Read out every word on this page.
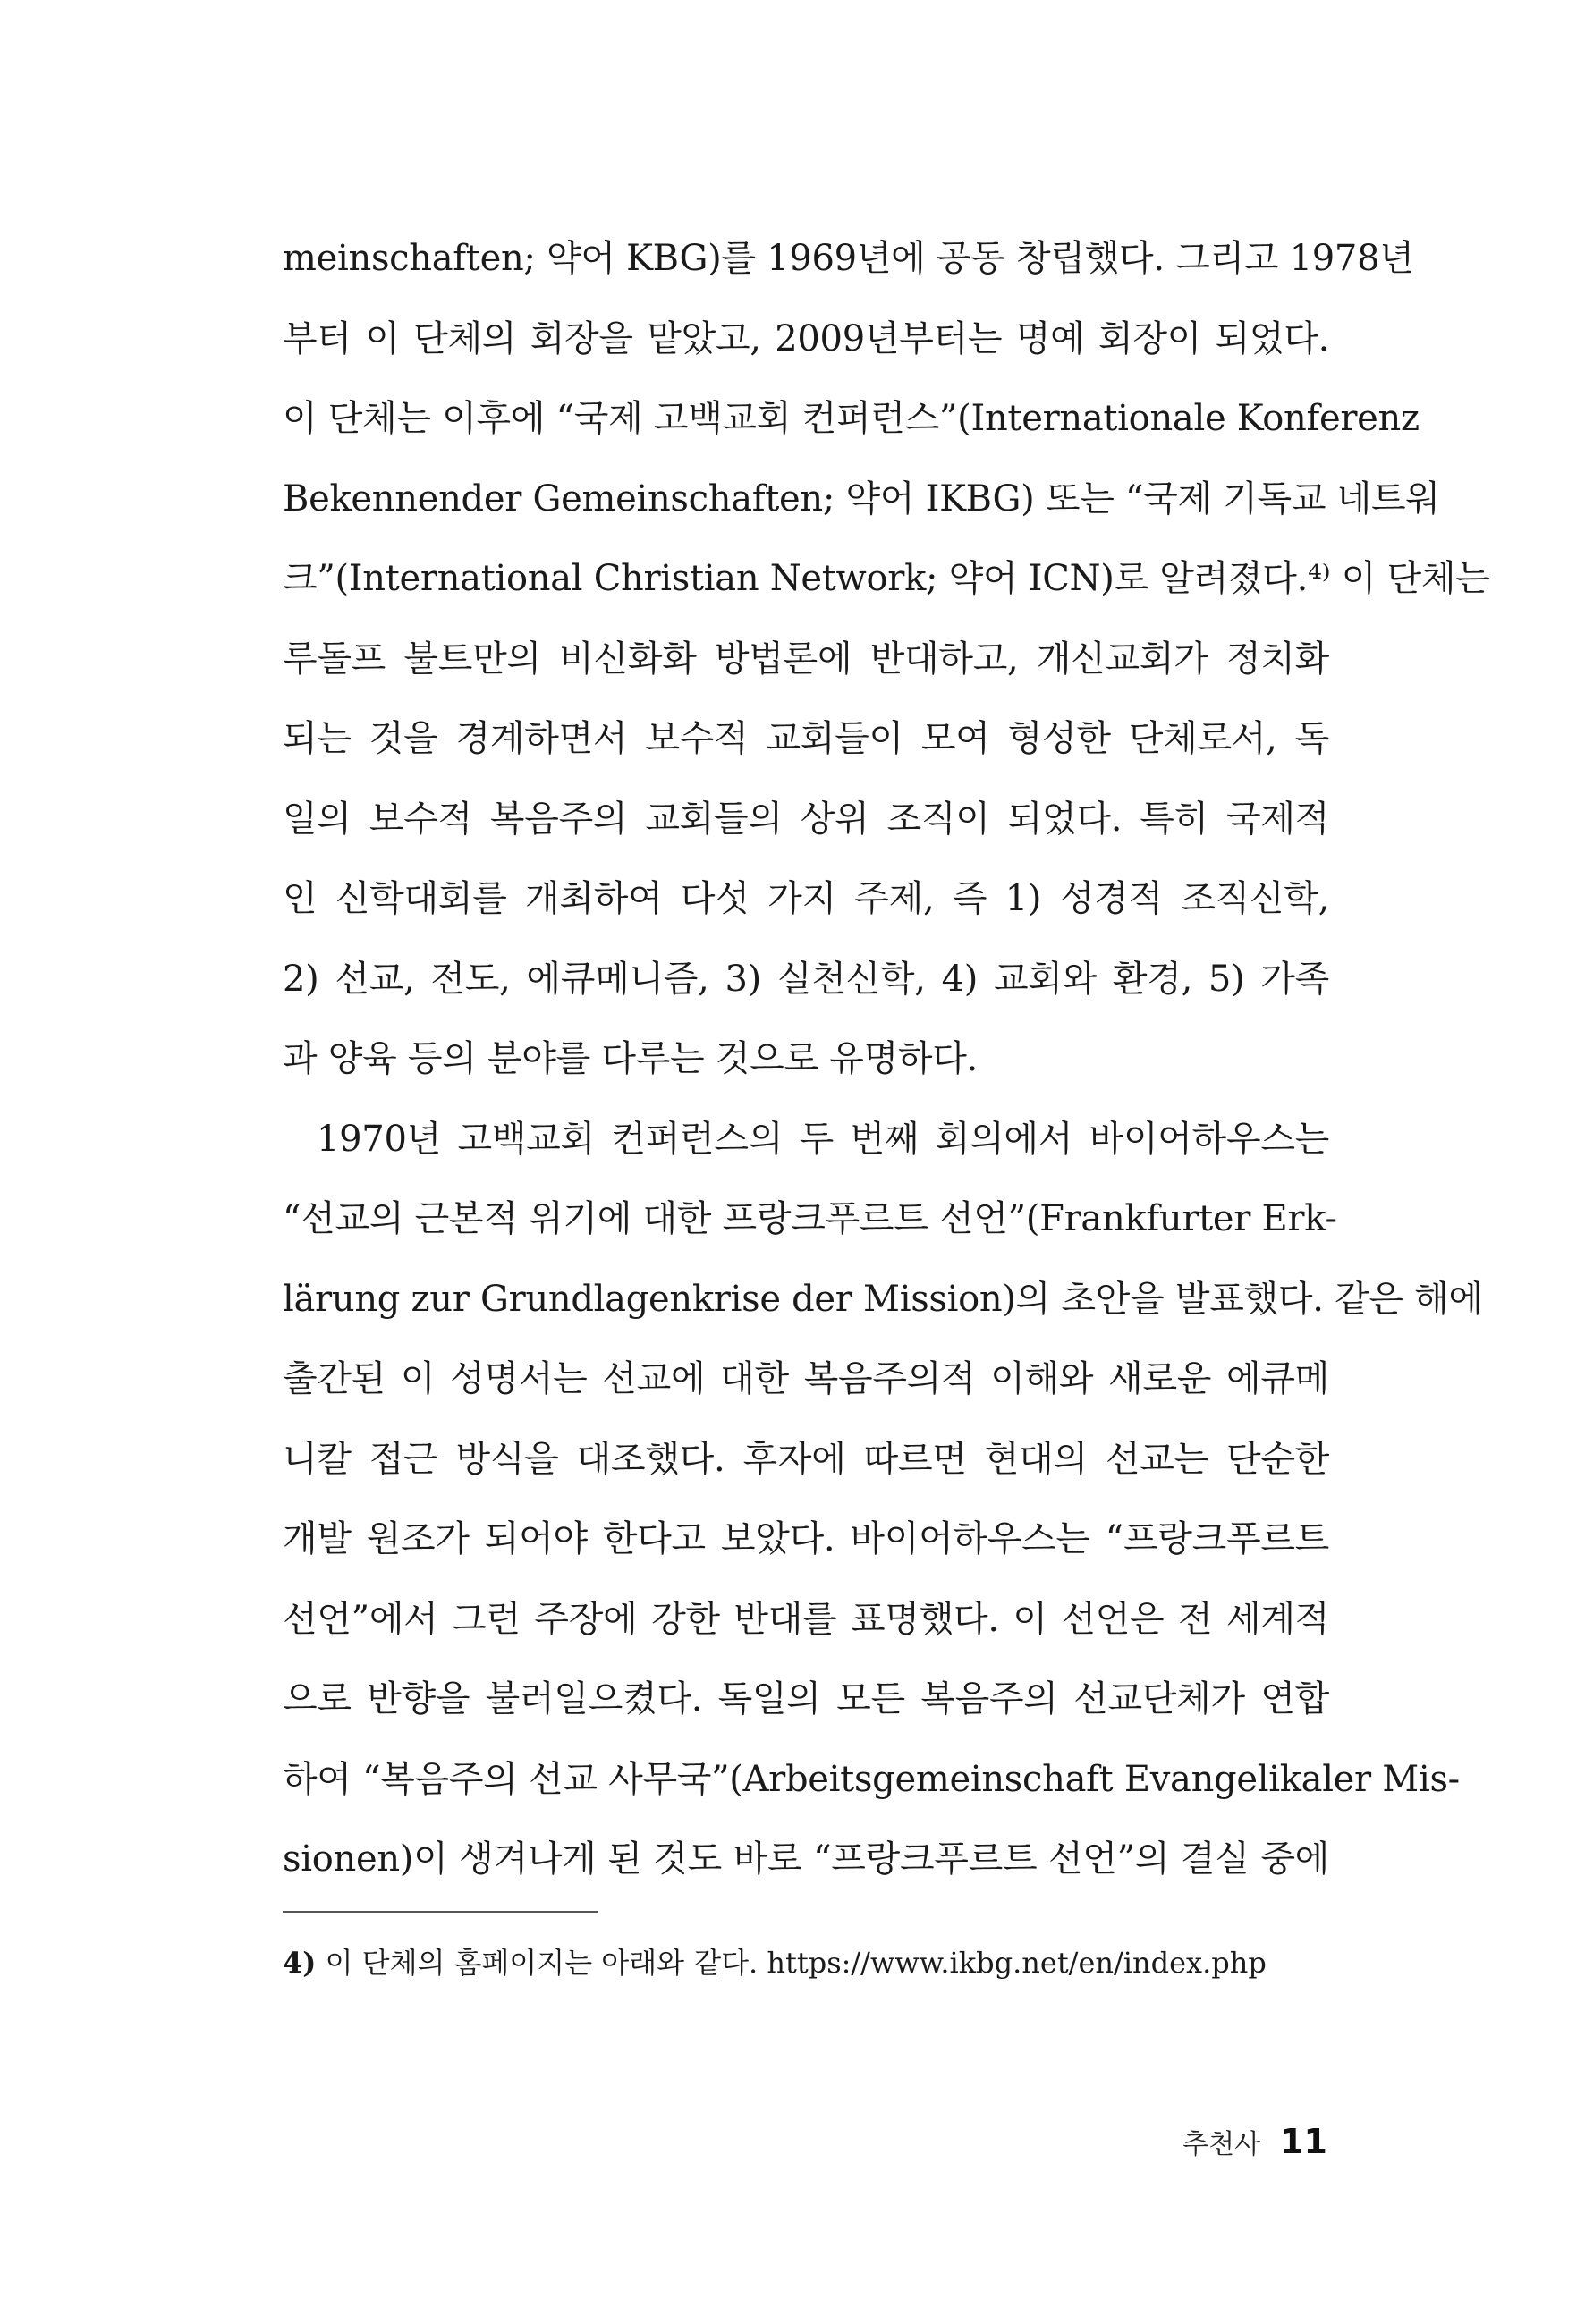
meinschaften; 약어 KBG)를 1969년에 공동 창립했다. 그리고 1978년
부터 이 단체의 회장을 맡았고, 2009년부터는 명예 회장이 되었다.
이 단체는 이후에 “국제 고백교회 컨퍼런스”(Internationale Konferenz
Bekennender Gemeinschaften; 약어 IKBG) 또는 “국제 기독교 네트워
크”(International Christian Network; 약어 ICN)로 알려졌다.⁴⁾ 이 단체는
루돌프 불트만의 비신화화 방법론에 반대하고, 개신교회가 정치화
되는 것을 경계하면서 보수적 교회들이 모여 형성한 단체로서, 독
일의 보수적 복음주의 교회들의 상위 조직이 되었다. 특히 국제적
인 신학대회를 개최하여 다섯 가지 주제, 즉 1) 성경적 조직신학,
2) 선교, 전도, 에큐메니즘, 3) 실천신학, 4) 교회와 환경, 5) 가족
과 양육 등의 분야를 다루는 것으로 유명하다.
1970년 고백교회 컨퍼런스의 두 번째 회의에서 바이어하우스는
“선교의 근본적 위기에 대한 프랑크푸르트 선언”(Frankfurter Erk-
lärung zur Grundlagenkrise der Mission)의 초안을 발표했다. 같은 해에
출간된 이 성명서는 선교에 대한 복음주의적 이해와 새로운 에큐메
니칼 접근 방식을 대조했다. 후자에 따르면 현대의 선교는 단순한
개발 원조가 되어야 한다고 보았다. 바이어하우스는 “프랑크푸르트
선언”에서 그런 주장에 강한 반대를 표명했다. 이 선언은 전 세계적
으로 반향을 불러일으켰다. 독일의 모든 복음주의 선교단체가 연합
하여 “복음주의 선교 사무국”(Arbeitsgemeinschaft Evangelikaler Mis-
sionen)이 생겨나게 된 것도 바로 “프랑크푸르트 선언”의 결실 중에
4) 이 단체의 홈페이지는 아래와 같다. https://www.ikbg.net/en/index.php
추천사 11
